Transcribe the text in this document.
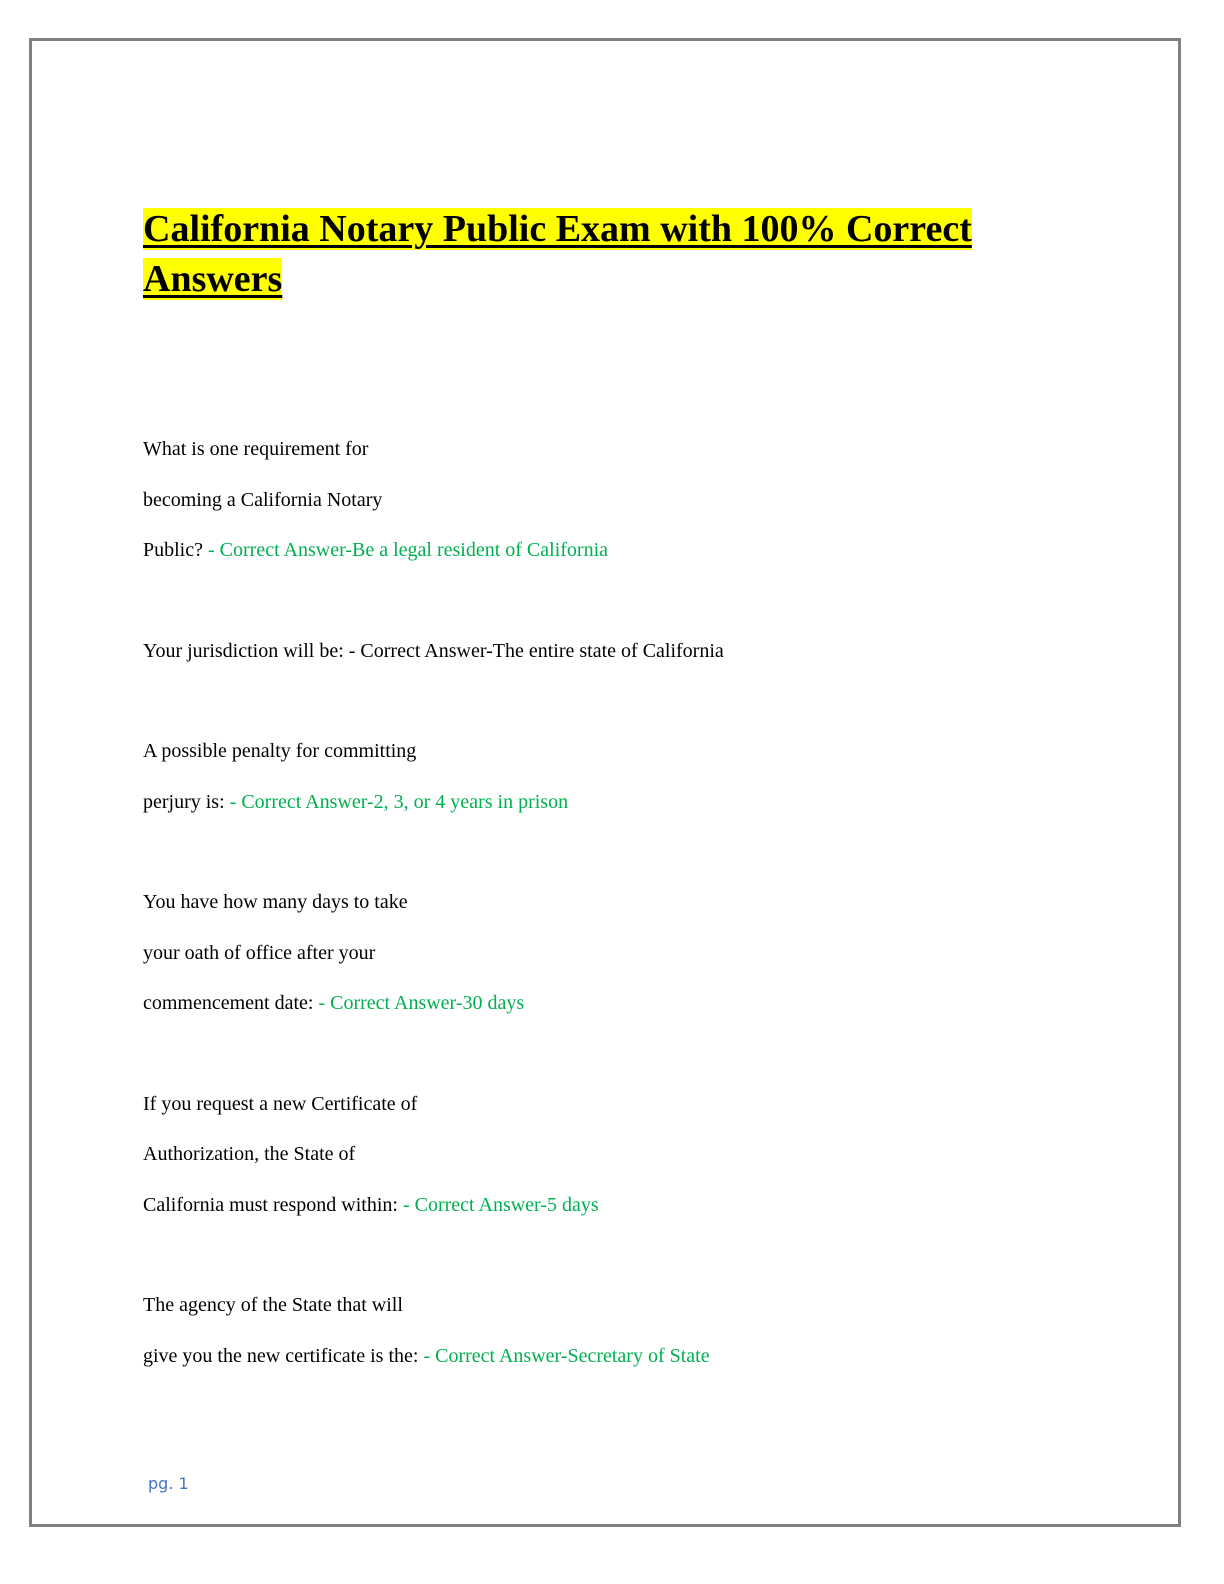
California Notary Public Exam with 100% Correct Answers
What is one requirement for
becoming a California Notary
Public? - Correct Answer-Be a legal resident of California
Your jurisdiction will be: - Correct Answer-The entire state of California
A possible penalty for committing
perjury is: - Correct Answer-2, 3, or 4 years in prison
You have how many days to take
your oath of office after your
commencement date: - Correct Answer-30 days
If you request a new Certificate of
Authorization, the State of
California must respond within: - Correct Answer-5 days
The agency of the State that will
give you the new certificate is the: - Correct Answer-Secretary of State
pg. 1
